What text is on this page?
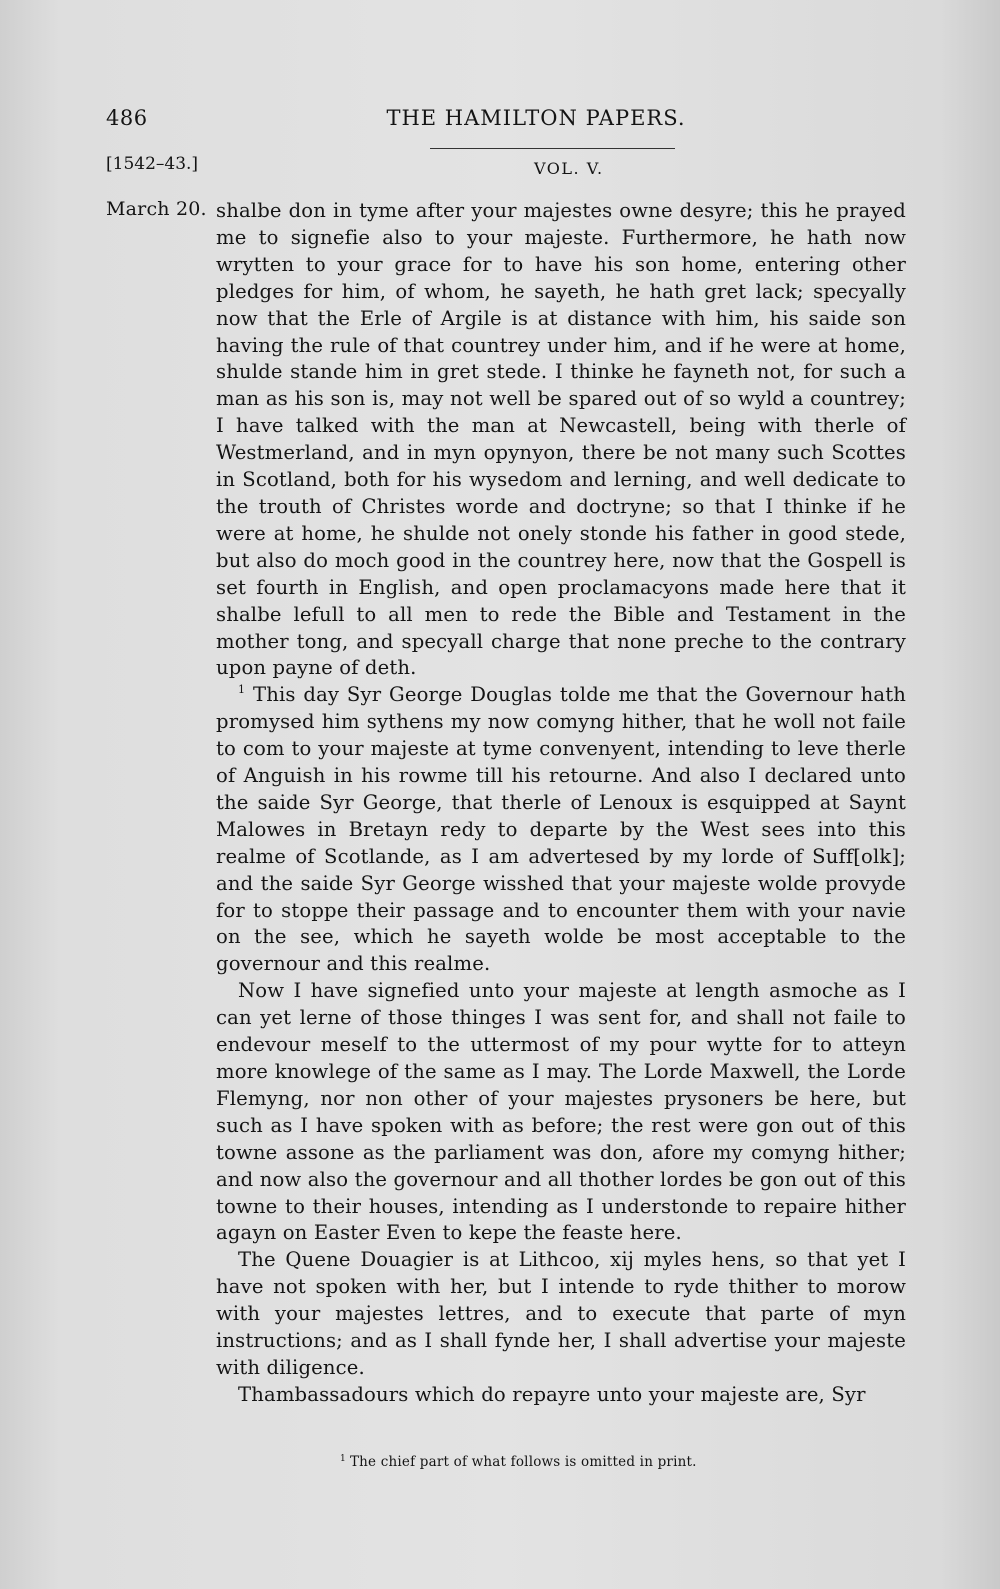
486	THE HAMILTON PAPERS.
[1542–43.]	VOL. V.
March 20. shalbe don in tyme after your majestes owne desyre; this he prayed me to signefie also to your majeste. Furthermore, he hath now wrytten to your grace for to have his son home, entering other pledges for him, of whom, he sayeth, he hath gret lack; specyally now that the Erle of Argile is at distance with him, his saide son having the rule of that countrey under him, and if he were at home, shulde stande him in gret stede. I thinke he fayneth not, for such a man as his son is, may not well be spared out of so wyld a countrey; I have talked with the man at Newcastell, being with therle of Westmerland, and in myn opynyon, there be not many such Scottes in Scotland, both for his wysedom and lerning, and well dedicate to the trouth of Christes worde and doctryne; so that I thinke if he were at home, he shulde not onely stonde his father in good stede, but also do moch good in the countrey here, now that the Gospell is set fourth in English, and open proclamacyons made here that it shalbe lefull to all men to rede the Bible and Testament in the mother tong, and specyall charge that none preche to the contrary upon payne of deth.

$^1$ This day Syr George Douglas tolde me that the Governour hath promysed him sythens my now comyng hither, that he woll not faile to com to your majeste at tyme convenyent, intending to leve therle of Anguish in his rowme till his retourne. And also I declared unto the saide Syr George, that therle of Lenoux is esquipped at Saynt Malowes in Bretayn redy to departe by the West sees into this realme of Scotlande, as I am advertesed by my lorde of Suff[olk]; and the saide Syr George wisshed that your majeste wolde provyde for to stoppe their passage and to encounter them with your navie on the see, which he sayeth wolde be most acceptable to the governour and this realme.

Now I have signefied unto your majeste at length asmoche as I can yet lerne of those thinges I was sent for, and shall not faile to endevour meself to the uttermost of my pour wytte for to atteyn more knowlege of the same as I may. The Lorde Maxwell, the Lorde Flemyng, nor non other of your majestes prysoners be here, but such as I have spoken with as before; the rest were gon out of this towne assone as the parliament was don, afore my comyng hither; and now also the governour and all thother lordes be gon out of this towne to their houses, intending as I understonde to repaire hither agayn on Easter Even to kepe the feaste here.

The Quene Douagier is at Lithcoo, xij myles hens, so that yet I have not spoken with her, but I intende to ryde thither to morow with your majestes lettres, and to execute that parte of myn instructions; and as I shall fynde her, I shall advertise your majeste with diligence.

Thambassadours which do repayre unto your majeste are, Syr

$^1$ The chief part of what follows is omitted in print.
